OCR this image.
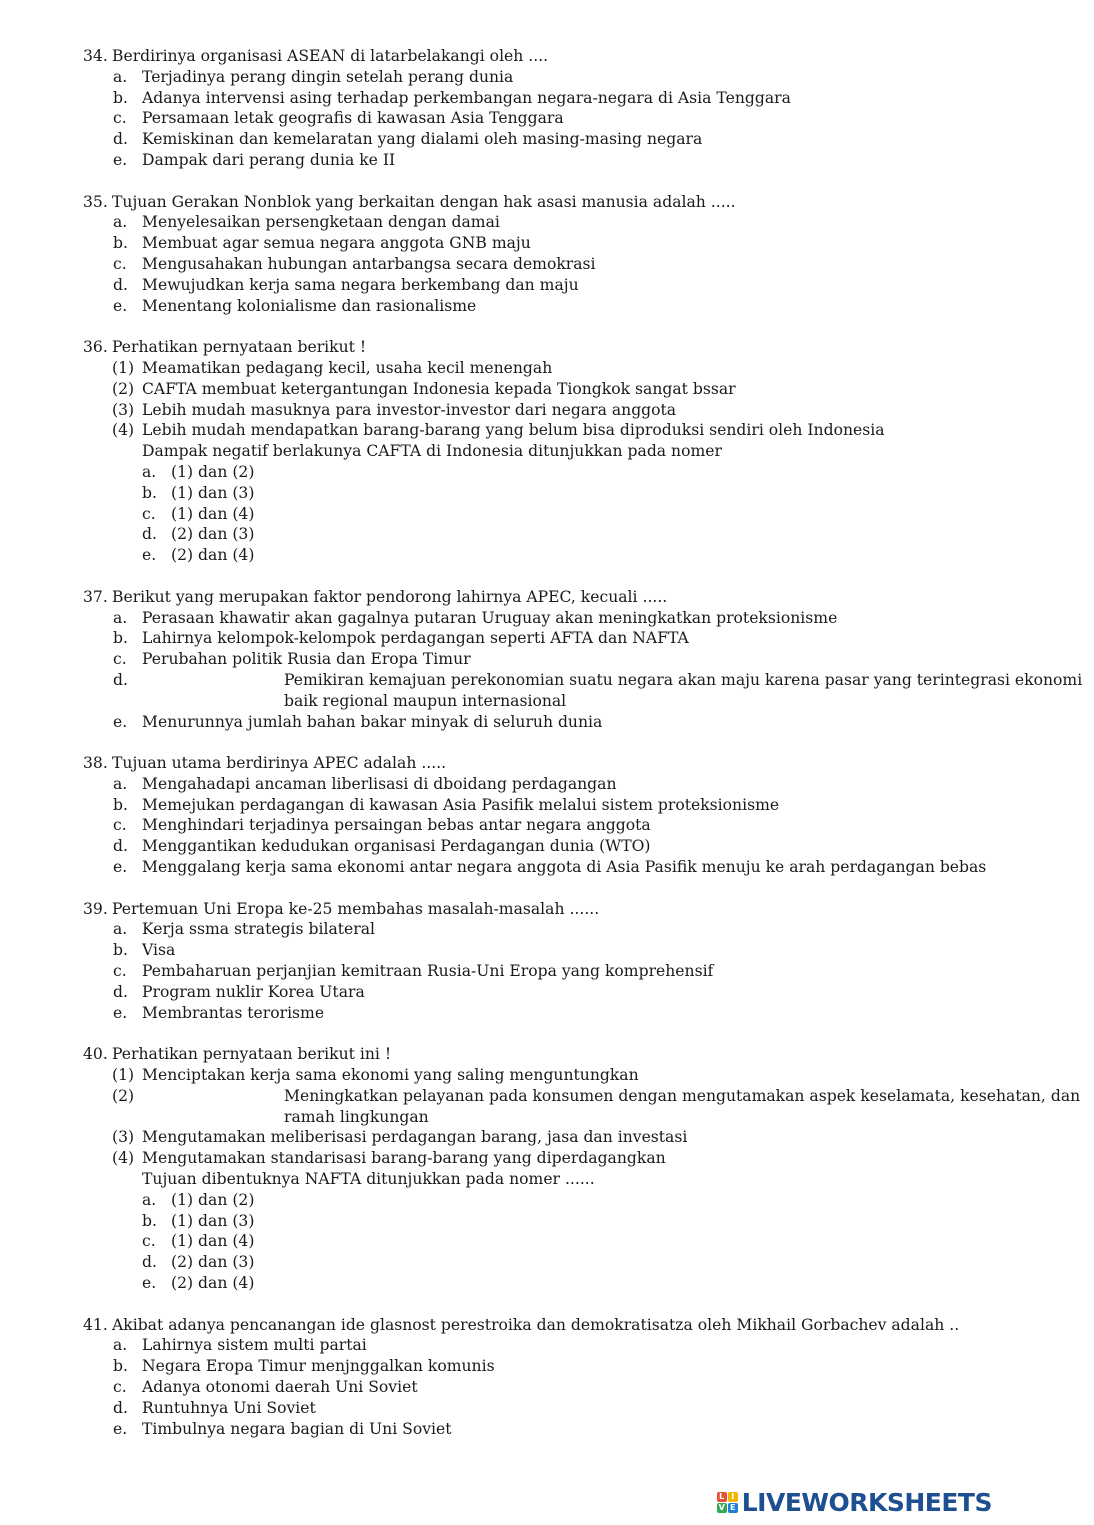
34. Berdirinya organisasi ASEAN di latarbelakangi oleh ....
a. Terjadinya perang dingin setelah perang dunia
b. Adanya intervensi asing terhadap perkembangan negara-negara di Asia Tenggara
c. Persamaan letak geografis di kawasan Asia Tenggara
d. Kemiskinan dan kemelaratan yang dialami oleh masing-masing negara
e. Dampak dari perang dunia ke II
35. Tujuan Gerakan Nonblok yang berkaitan dengan hak asasi manusia adalah .....
a. Menyelesaikan persengketaan dengan damai
b. Membuat agar semua negara anggota GNB maju
c. Mengusahakan hubungan antarbangsa secara demokrasi
d. Mewujudkan kerja sama negara berkembang dan maju
e. Menentang kolonialisme dan rasionalisme
36. Perhatikan pernyataan berikut !
(1) Meamatikan pedagang kecil, usaha kecil menengah
(2) CAFTA membuat ketergantungan Indonesia kepada Tiongkok sangat bssar
(3) Lebih mudah masuknya para investor-investor dari negara anggota
(4) Lebih mudah mendapatkan barang-barang yang belum bisa diproduksi sendiri oleh Indonesia
Dampak negatif berlakunya CAFTA di Indonesia ditunjukkan pada nomer
a. (1) dan (2)
b. (1) dan (3)
c. (1) dan (4)
d. (2) dan (3)
e. (2) dan (4)
37. Berikut yang merupakan faktor pendorong lahirnya APEC, kecuali .....
a. Perasaan khawatir akan gagalnya putaran Uruguay akan meningkatkan proteksionisme
b. Lahirnya kelompok-kelompok perdagangan seperti AFTA dan NAFTA
c. Perubahan politik Rusia dan Eropa Timur
d.	Pemikiran kemajuan perekonomian suatu negara akan maju karena pasar yang terintegrasi ekonomi baik regional maupun internasional
e. Menurunnya jumlah bahan bakar minyak di seluruh dunia
38. Tujuan utama berdirinya APEC adalah .....
a. Mengahadapi ancaman liberlisasi di dboidang perdagangan
b. Memejukan perdagangan di kawasan Asia Pasifik melalui sistem proteksionisme
c. Menghindari terjadinya persaingan bebas antar negara anggota
d. Menggantikan kedudukan organisasi Perdagangan dunia (WTO)
e. Menggalang kerja sama ekonomi antar negara anggota di Asia Pasifik menuju ke arah perdagangan bebas
39. Pertemuan Uni Eropa ke-25 membahas masalah-masalah ......
a. Kerja ssma strategis bilateral
b. Visa
c. Pembaharuan perjanjian kemitraan Rusia-Uni Eropa yang komprehensif
d. Program nuklir Korea Utara
e. Membrantas terorisme
40. Perhatikan pernyataan berikut ini !
(1) Menciptakan kerja sama ekonomi yang saling menguntungkan
(2)	Meningkatkan pelayanan pada konsumen dengan mengutamakan aspek keselamata, kesehatan, dan ramah lingkungan
(3) Mengutamakan meliberisasi perdagangan barang, jasa dan investasi
(4) Mengutamakan standarisasi barang-barang yang diperdagangkan
Tujuan dibentuknya NAFTA ditunjukkan pada nomer ......
a. (1) dan (2)
b. (1) dan (3)
c. (1) dan (4)
d. (2) dan (3)
e. (2) dan (4)
41. Akibat adanya pencanangan ide glasnost perestroika dan demokratisatza oleh Mikhail Gorbachev adalah ..
a. Lahirnya sistem multi partai
b. Negara Eropa Timur menjnggalkan komunis
c. Adanya otonomi daerah Uni Soviet
d. Runtuhnya Uni Soviet
e. Timbulnya negara bagian di Uni Soviet
L I
V E LIVEWORKSHEETS
